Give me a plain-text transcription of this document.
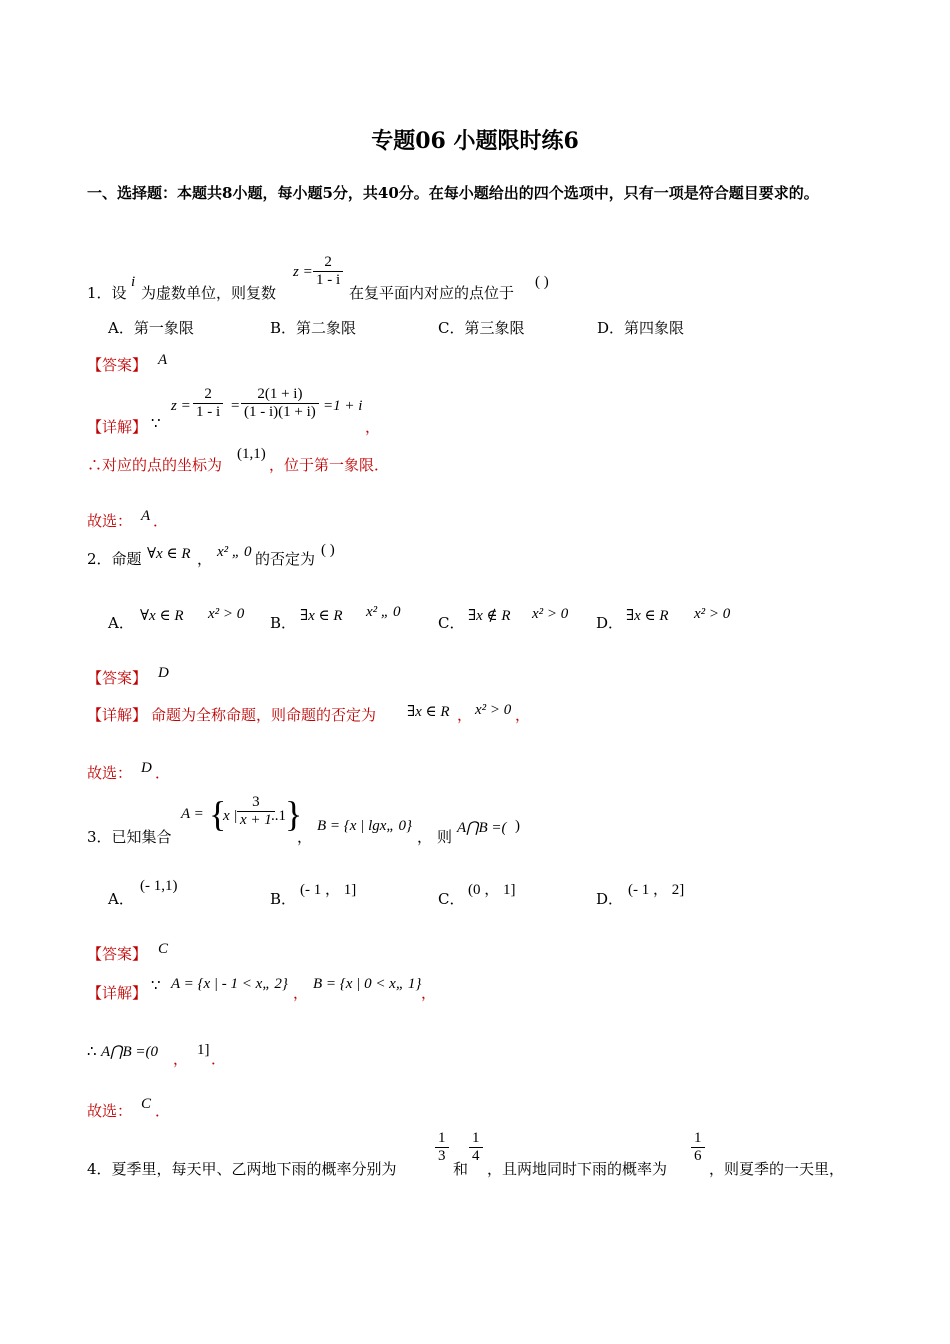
专题06 小题限时练6
一、选择题：本题共8小题，每小题5分，共40分。在每小题给出的四个选项中，只有一项是符合题目要求的。
1．设
i
为虚数单位，则复数
$z = \frac{2}{1 - i}$
在复平面内对应的点位于
( )
A．第一象限	B．第二象限	C．第三象限	D．第四象限
【答案】 A
【详解】 ∵
$z = \frac{2}{1 - i} = \frac{2(1 + i)}{(1 - i)(1 + i)} =1 + i$
，
∴对应的点的坐标为
(1,1)
，位于第一象限．
故选： A ．
2．命题 ∀x ∈ R ， x² „ 0 的否定为 ( )
A． ∀x ∈ R x² > 0 B． ∃x ∈ R x² „ 0
C． ∃x ∉ R x² > 0 D． ∃x ∈ R x² > 0
【答案】 D
【详解】 命题为全称命题，则命题的否定为 ∃x ∈ R ， x² > 0 ，
故选： D ．
3．已知集合
A = {
x | $\frac{3}{x + 1}$
..1 }
，
B = {x | lgx„ 0}
， 则 A⋂B =( )
A．
(- 1,1)
B． (- 1 ， 1]	C． (0 ， 1]	D． (- 1 ， 2]
【答案】 C
【详解】 ∵ A = {x | - 1 < x„ 2} ， B = {x | 0 < x„ 1} ，
∴ A⋂B =(0 ， 1] ．
故选： C ．
4．夏季里，每天甲、乙两地下雨的概率分别为
$\frac{1}{3}$
和
$\frac{1}{4}$
，且两地同时下雨的概率为
$\frac{1}{6}$
，则夏季的一天里，
